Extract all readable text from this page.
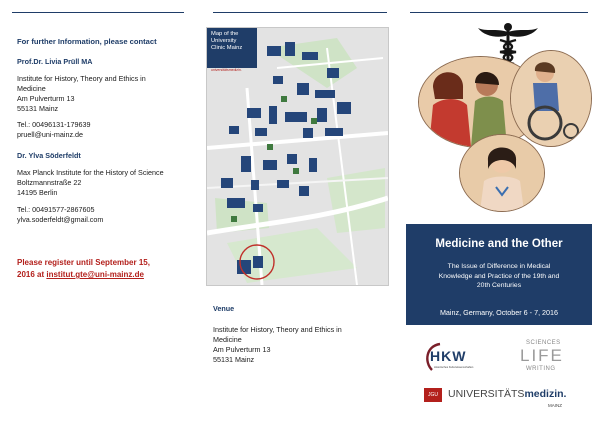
For further Information, please contact
Prof.Dr. Livia Prüll MA
Institute for History, Theory and Ethics in
Medicine
Am Pulverturm 13
55131 Mainz
Tel.: 00496131-179639
pruell@uni-mainz.de
Dr. Ylva Söderfeldt
Max Planck Institute for the History of Science
Boltzmannstraße 22
14195 Berlin
Tel.: 00491577-2867605
ylva.soderfeldt@gmail.com
Please register until September 15,
2016 at institut.gte@uni-mainz.de
Map of the
University
Clinic Mainz
universitätsmedizin.
Venue
Institute for History, Theory and Ethics in
Medicine
Am Pulverturm 13
55131 Mainz
Medicine and the Other
The Issue of Difference in Medical
Knowledge and Practice of the 19th and
20th Centuries
Mainz, Germany, October 6 - 7, 2016
HKW
Historisches Kulturwissenschaften
SCIENCES
LIFE
WRITING
JGU UNIVERSITÄTSmedizin.
MAINZ
